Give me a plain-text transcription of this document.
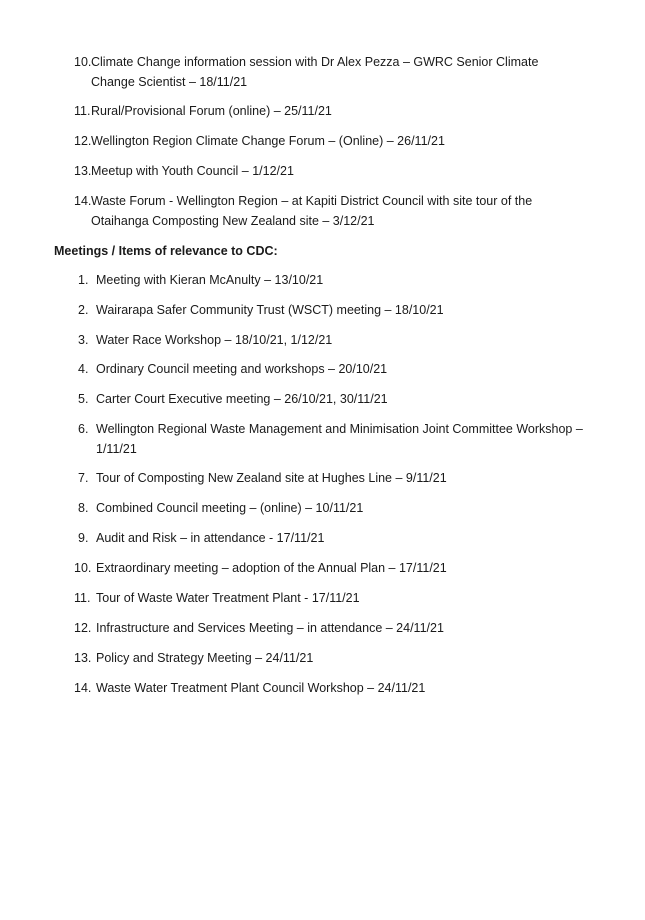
10. Climate Change information session with Dr Alex Pezza – GWRC Senior Climate Change Scientist – 18/11/21
11. Rural/Provisional Forum (online) – 25/11/21
12. Wellington Region Climate Change Forum – (Online) – 26/11/21
13. Meetup with Youth Council – 1/12/21
14. Waste Forum - Wellington Region – at Kapiti District Council with site tour of the Otaihanga Composting New Zealand site – 3/12/21
Meetings / Items of relevance to CDC:
1. Meeting with Kieran McAnulty – 13/10/21
2. Wairarapa Safer Community Trust (WSCT) meeting – 18/10/21
3. Water Race Workshop – 18/10/21, 1/12/21
4. Ordinary Council meeting and workshops – 20/10/21
5. Carter Court Executive meeting – 26/10/21, 30/11/21
6. Wellington Regional Waste Management and Minimisation Joint Committee Workshop – 1/11/21
7. Tour of Composting New Zealand site at Hughes Line – 9/11/21
8. Combined Council meeting – (online) – 10/11/21
9. Audit and Risk – in attendance - 17/11/21
10. Extraordinary meeting – adoption of the Annual Plan – 17/11/21
11. Tour of Waste Water Treatment Plant - 17/11/21
12. Infrastructure and Services Meeting – in attendance – 24/11/21
13. Policy and Strategy Meeting – 24/11/21
14. Waste Water Treatment Plant Council Workshop – 24/11/21
